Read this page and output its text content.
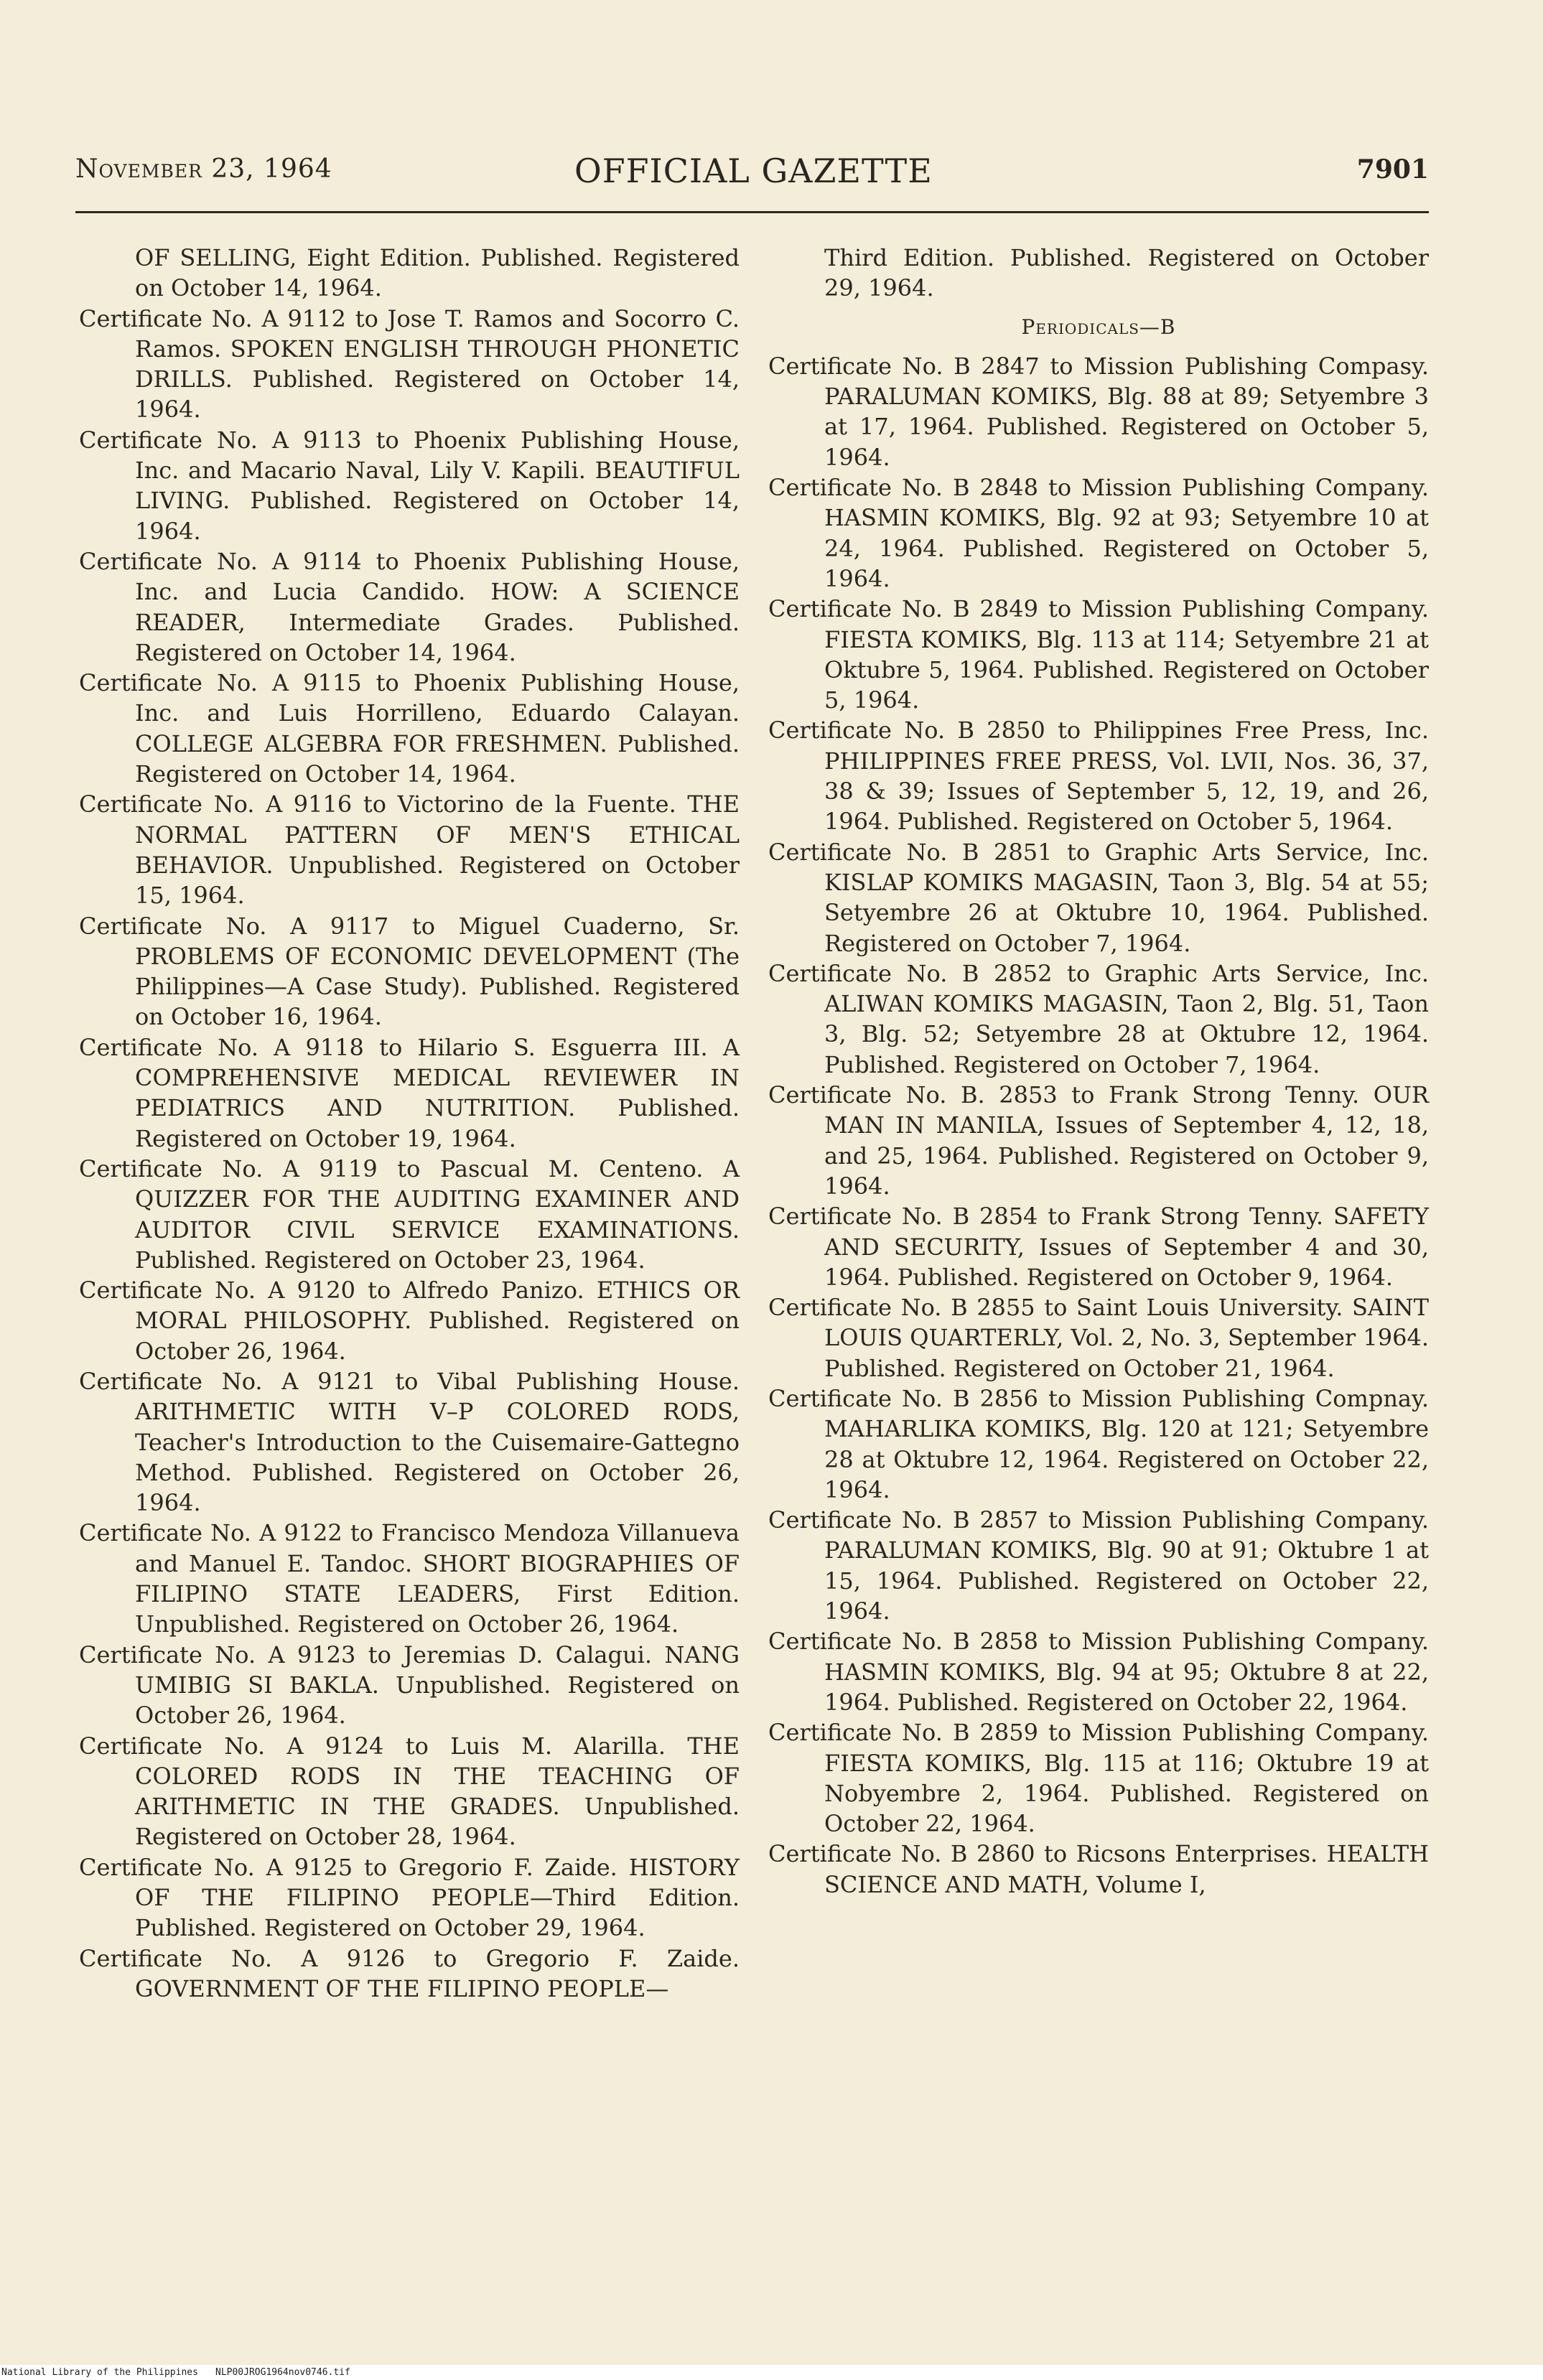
November 23, 1964	OFFICIAL GAZETTE	7901

OF SELLING, Eight Edition. Published. Registered on October 14, 1964.

Certificate No. A 9112 to Jose T. Ramos and Socorro C. Ramos. SPOKEN ENGLISH THROUGH PHONETIC DRILLS. Published. Registered on October 14, 1964.

Certificate No. A 9113 to Phoenix Publishing House, Inc. and Macario Naval, Lily V. Kapili. BEAUTIFUL LIVING. Published. Registered on October 14, 1964.

Certificate No. A 9114 to Phoenix Publishing House, Inc. and Lucia Candido. HOW: A SCIENCE READER, Intermediate Grades. Published. Registered on October 14, 1964.

Certificate No. A 9115 to Phoenix Publishing House, Inc. and Luis Horrilleno, Eduardo Calayan. COLLEGE ALGEBRA FOR FRESHMEN. Published. Registered on October 14, 1964.

Certificate No. A 9116 to Victorino de la Fuente. THE NORMAL PATTERN OF MEN'S ETHICAL BEHAVIOR. Unpublished. Registered on October 15, 1964.

Certificate No. A 9117 to Miguel Cuaderno, Sr. PROBLEMS OF ECONOMIC DEVELOPMENT (The Philippines—A Case Study). Published. Registered on October 16, 1964.

Certificate No. A 9118 to Hilario S. Esguerra III. A COMPREHENSIVE MEDICAL REVIEWER IN PEDIATRICS AND NUTRITION. Published. Registered on October 19, 1964.

Certificate No. A 9119 to Pascual M. Centeno. A QUIZZER FOR THE AUDITING EXAMINER AND AUDITOR CIVIL SERVICE EXAMINATIONS. Published. Registered on October 23, 1964.

Certificate No. A 9120 to Alfredo Panizo. ETHICS OR MORAL PHILOSOPHY. Published. Registered on October 26, 1964.

Certificate No. A 9121 to Vibal Publishing House. ARITHMETIC WITH V–P COLORED RODS, Teacher's Introduction to the Cuisemaire-Gattegno Method. Published. Registered on October 26, 1964.

Certificate No. A 9122 to Francisco Mendoza Villanueva and Manuel E. Tandoc. SHORT BIOGRAPHIES OF FILIPINO STATE LEADERS, First Edition. Unpublished. Registered on October 26, 1964.

Certificate No. A 9123 to Jeremias D. Calagui. NANG UMIBIG SI BAKLA. Unpublished. Registered on October 26, 1964.

Certificate No. A 9124 to Luis M. Alarilla. THE COLORED RODS IN THE TEACHING OF ARITHMETIC IN THE GRADES. Unpublished. Registered on October 28, 1964.

Certificate No. A 9125 to Gregorio F. Zaide. HISTORY OF THE FILIPINO PEOPLE—Third Edition. Published. Registered on October 29, 1964.

Certificate No. A 9126 to Gregorio F. Zaide. GOVERNMENT OF THE FILIPINO PEOPLE—

Third Edition. Published. Registered on October 29, 1964.

Periodicals—B

Certificate No. B 2847 to Mission Publishing Compasy. PARALUMAN KOMIKS, Blg. 88 at 89; Setyembre 3 at 17, 1964. Published. Registered on October 5, 1964.

Certificate No. B 2848 to Mission Publishing Company. HASMIN KOMIKS, Blg. 92 at 93; Setyembre 10 at 24, 1964. Published. Registered on October 5, 1964.

Certificate No. B 2849 to Mission Publishing Company. FIESTA KOMIKS, Blg. 113 at 114; Setyembre 21 at Oktubre 5, 1964. Published. Registered on October 5, 1964.

Certificate No. B 2850 to Philippines Free Press, Inc. PHILIPPINES FREE PRESS, Vol. LVII, Nos. 36, 37, 38 & 39; Issues of September 5, 12, 19, and 26, 1964. Published. Registered on October 5, 1964.

Certificate No. B 2851 to Graphic Arts Service, Inc. KISLAP KOMIKS MAGASIN, Taon 3, Blg. 54 at 55; Setyembre 26 at Oktubre 10, 1964. Published. Registered on October 7, 1964.

Certificate No. B 2852 to Graphic Arts Service, Inc. ALIWAN KOMIKS MAGASIN, Taon 2, Blg. 51, Taon 3, Blg. 52; Setyembre 28 at Oktubre 12, 1964. Published. Registered on October 7, 1964.

Certificate No. B. 2853 to Frank Strong Tenny. OUR MAN IN MANILA, Issues of September 4, 12, 18, and 25, 1964. Published. Registered on October 9, 1964.

Certificate No. B 2854 to Frank Strong Tenny. SAFETY AND SECURITY, Issues of September 4 and 30, 1964. Published. Registered on October 9, 1964.

Certificate No. B 2855 to Saint Louis University. SAINT LOUIS QUARTERLY, Vol. 2, No. 3, September 1964. Published. Registered on October 21, 1964.

Certificate No. B 2856 to Mission Publishing Compnay. MAHARLIKA KOMIKS, Blg. 120 at 121; Setyembre 28 at Oktubre 12, 1964. Registered on October 22, 1964.

Certificate No. B 2857 to Mission Publishing Company. PARALUMAN KOMIKS, Blg. 90 at 91; Oktubre 1 at 15, 1964. Published. Registered on October 22, 1964.

Certificate No. B 2858 to Mission Publishing Company. HASMIN KOMIKS, Blg. 94 at 95; Oktubre 8 at 22, 1964. Published. Registered on October 22, 1964.

Certificate No. B 2859 to Mission Publishing Company. FIESTA KOMIKS, Blg. 115 at 116; Oktubre 19 at Nobyembre 2, 1964. Published. Registered on October 22, 1964.

Certificate No. B 2860 to Ricsons Enterprises. HEALTH SCIENCE AND MATH, Volume I,

National Library of the Philippines NLP00JROG1964nov0746.tif
